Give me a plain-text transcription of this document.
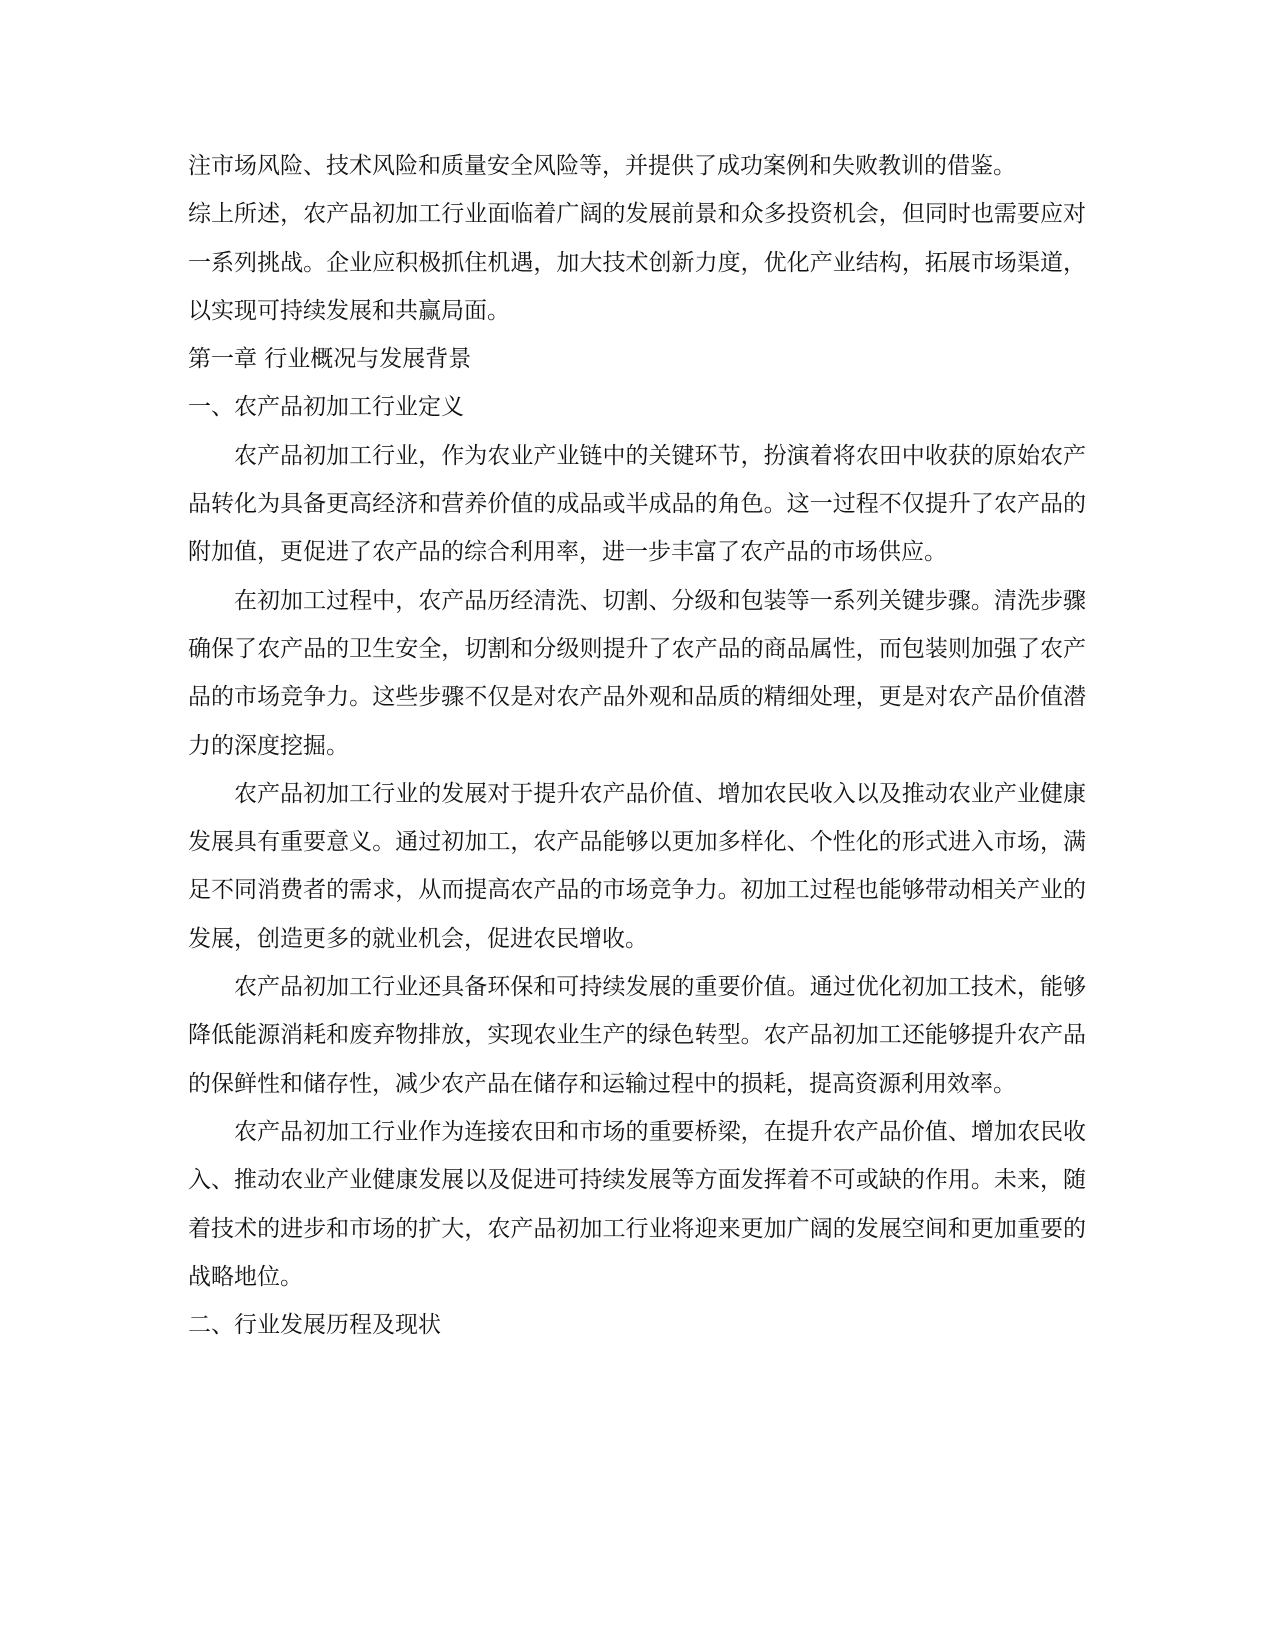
注市场风险、技术风险和质量安全风险等，并提供了成功案例和失败教训的借鉴。

综上所述，农产品初加工行业面临着广阔的发展前景和众多投资机会，但同时也需要应对一系列挑战。企业应积极抓住机遇，加大技术创新力度，优化产业结构，拓展市场渠道，以实现可持续发展和共赢局面。

第一章 行业概况与发展背景

一、农产品初加工行业定义

农产品初加工行业，作为农业产业链中的关键环节，扮演着将农田中收获的原始农产品转化为具备更高经济和营养价值的成品或半成品的角色。这一过程不仅提升了农产品的附加值，更促进了农产品的综合利用率，进一步丰富了农产品的市场供应。

在初加工过程中，农产品历经清洗、切割、分级和包装等一系列关键步骤。清洗步骤确保了农产品的卫生安全，切割和分级则提升了农产品的商品属性，而包装则加强了农产品的市场竞争力。这些步骤不仅是对农产品外观和品质的精细处理，更是对农产品价值潜力的深度挖掘。

农产品初加工行业的发展对于提升农产品价值、增加农民收入以及推动农业产业健康发展具有重要意义。通过初加工，农产品能够以更加多样化、个性化的形式进入市场，满足不同消费者的需求，从而提高农产品的市场竞争力。初加工过程也能够带动相关产业的发展，创造更多的就业机会，促进农民增收。

农产品初加工行业还具备环保和可持续发展的重要价值。通过优化初加工技术，能够降低能源消耗和废弃物排放，实现农业生产的绿色转型。农产品初加工还能够提升农产品的保鲜性和储存性，减少农产品在储存和运输过程中的损耗，提高资源利用效率。

农产品初加工行业作为连接农田和市场的重要桥梁，在提升农产品价值、增加农民收入、推动农业产业健康发展以及促进可持续发展等方面发挥着不可或缺的作用。未来，随着技术的进步和市场的扩大，农产品初加工行业将迎来更加广阔的发展空间和更加重要的战略地位。

二、行业发展历程及现状
